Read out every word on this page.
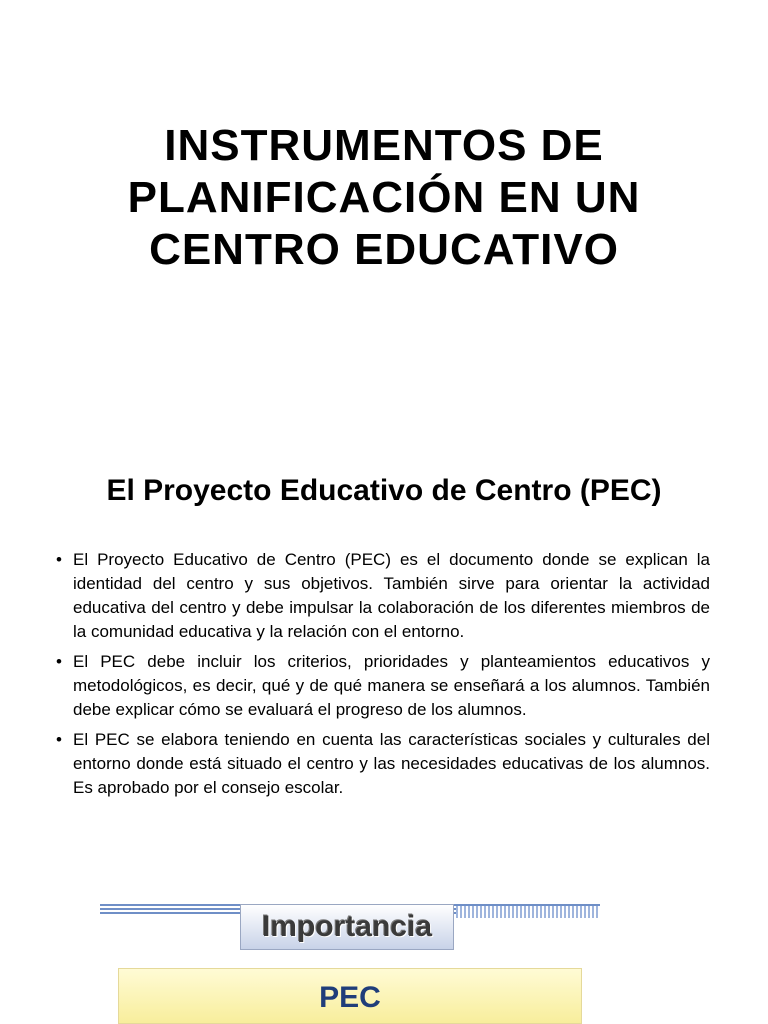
INSTRUMENTOS DE
PLANIFICACIÓN EN UN
CENTRO EDUCATIVO
El Proyecto Educativo de Centro (PEC)
• El Proyecto Educativo de Centro (PEC) es el documento donde se explican la identidad del centro y sus objetivos. También sirve para orientar la actividad educativa del centro y debe impulsar la colaboración de los diferentes miembros de la comunidad educativa y la relación con el entorno.
• El PEC debe incluir los criterios, prioridades y planteamientos educativos y metodológicos, es decir, qué y de qué manera se enseñará a los alumnos. También debe explicar cómo se evaluará el progreso de los alumnos.
• El PEC se elabora teniendo en cuenta las características sociales y culturales del entorno donde está situado el centro y las necesidades educativas de los alumnos. Es aprobado por el consejo escolar.
Importancia
PEC
